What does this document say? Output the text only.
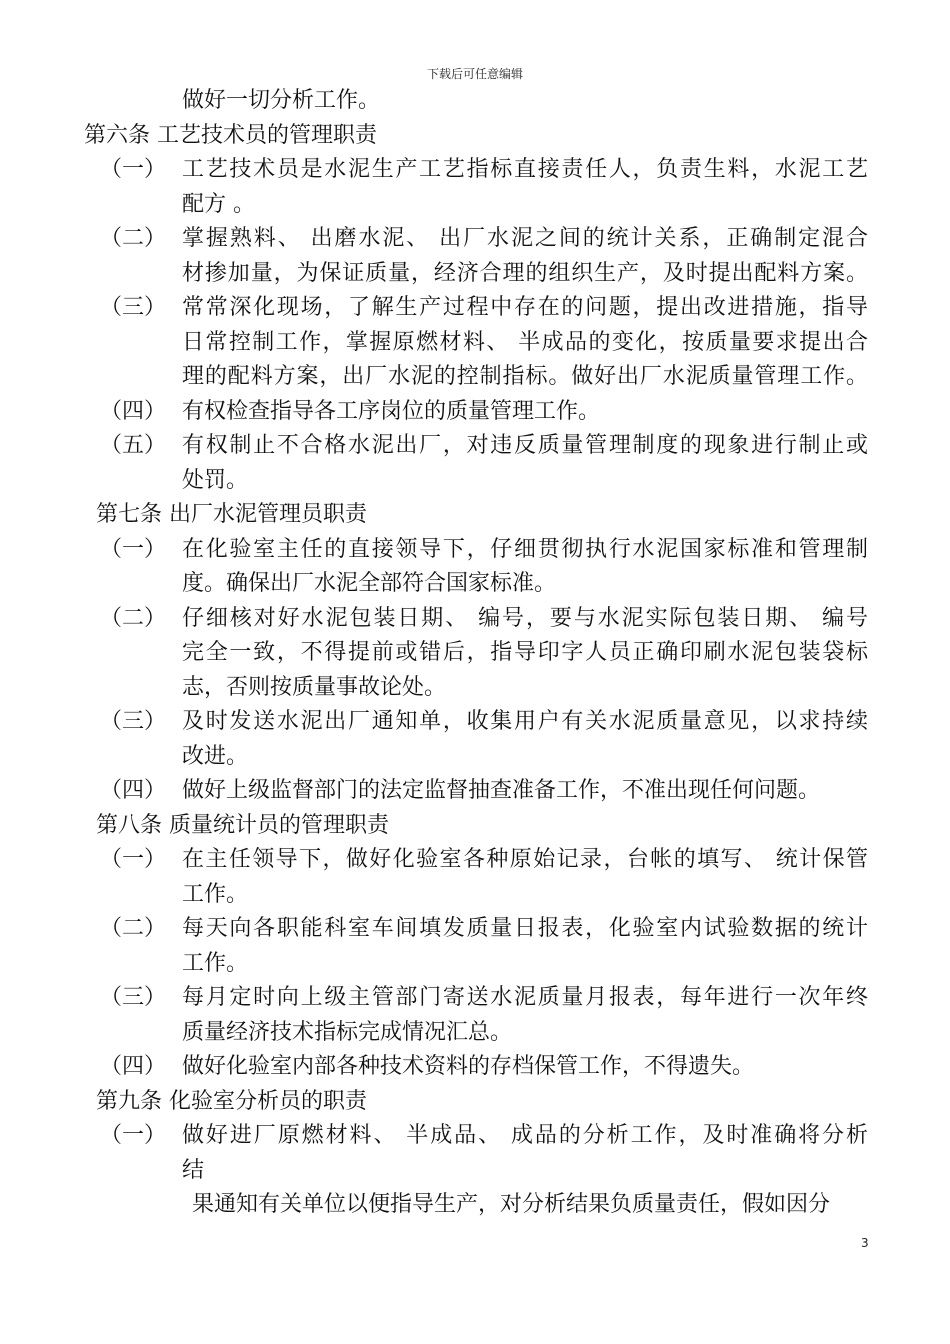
下载后可任意编辑
做好一切分析工作。
第六条 工艺技术员的管理职责
（一） 工艺技术员是水泥生产工艺指标直接责任人，负责生料，水泥工艺
配方 。
（二） 掌握熟料、 出磨水泥、 出厂水泥之间的统计关系，正确制定混合
材掺加量，为保证质量，经济合理的组织生产，及时提出配料方案。
（三） 常常深化现场，了解生产过程中存在的问题，提出改进措施，指导
日常控制工作，掌握原燃材料、 半成品的变化，按质量要求提出合
理的配料方案，出厂水泥的控制指标。做好出厂水泥质量管理工作。
（四） 有权检查指导各工序岗位的质量管理工作。
（五） 有权制止不合格水泥出厂，对违反质量管理制度的现象进行制止或
处罚。
第七条 出厂水泥管理员职责
（一） 在化验室主任的直接领导下，仔细贯彻执行水泥国家标准和管理制
度。确保出厂水泥全部符合国家标准。
（二） 仔细核对好水泥包装日期、 编号，要与水泥实际包装日期、 编号
完全一致，不得提前或错后，指导印字人员正确印刷水泥包装袋标
志，否则按质量事故论处。
（三） 及时发送水泥出厂通知单，收集用户有关水泥质量意见，以求持续
改进。
（四） 做好上级监督部门的法定监督抽查准备工作，不准出现任何问题。
第八条 质量统计员的管理职责
（一） 在主任领导下，做好化验室各种原始记录，台帐的填写、 统计保管
工作。
（二） 每天向各职能科室车间填发质量日报表，化验室内试验数据的统计
工作。
（三） 每月定时向上级主管部门寄送水泥质量月报表，每年进行一次年终
质量经济技术指标完成情况汇总。
（四） 做好化验室内部各种技术资料的存档保管工作，不得遗失。
第九条 化验室分析员的职责
（一） 做好进厂原燃材料、 半成品、 成品的分析工作，及时准确将分析
结
果通知有关单位以便指导生产，对分析结果负质量责任，假如因分
3
